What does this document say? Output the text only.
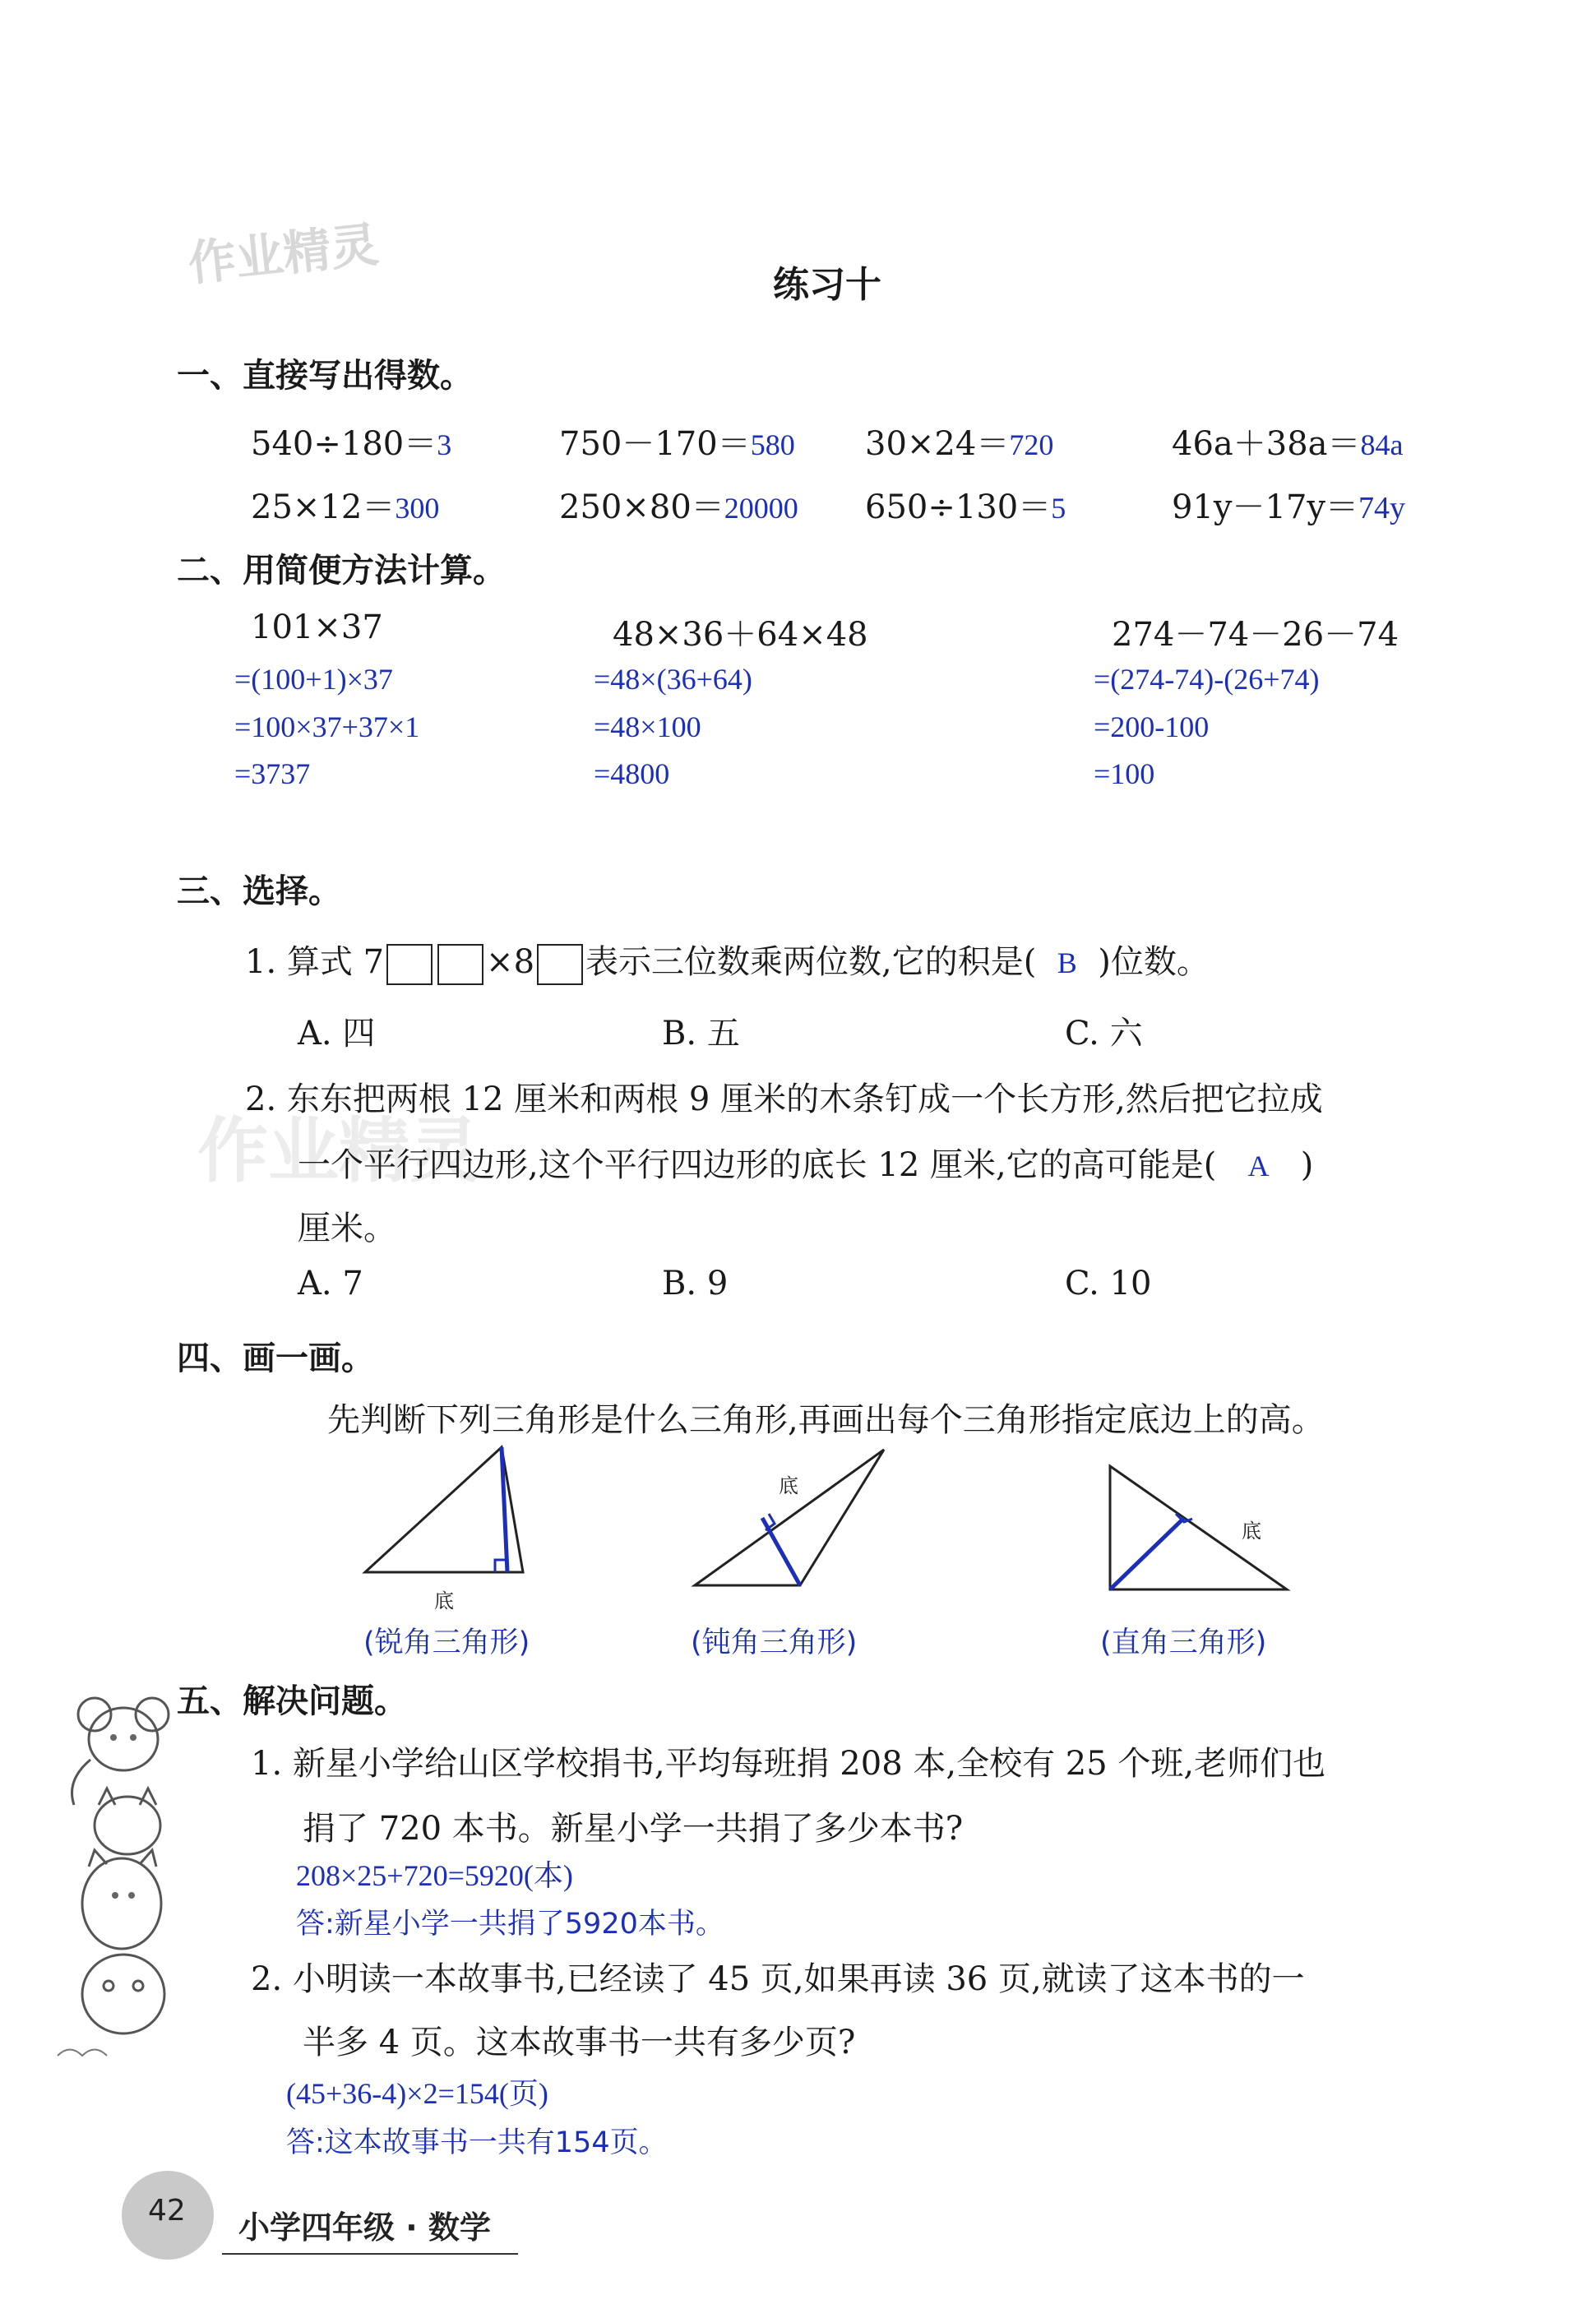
作业精灵
作业精灵
练习十
一、直接写出得数。
540÷180＝3	750－170＝580 30×24＝720	46a＋38a＝84a
25×12＝300	250×80＝20000 650÷130＝5	91y－17y＝74y
二、用简便方法计算。
101×37
=(100+1)×37
=100×37+37×1
=3737
48×36＋64×48
=48×(36+64)
=48×100
=4800
274－74－26－74
=(274-74)-(26+74)
=200-100
=100
三、选择。
1. 算式 7	×8 表示三位数乘两位数,它的积是( B )位数。
A. 四	B. 五	C. 六
2. 东东把两根 12 厘米和两根 9 厘米的木条钉成一个长方形,然后把它拉成
一个平行四边形,这个平行四边形的底长 12 厘米,它的高可能是( A )
厘米。
A. 7	B. 9	C. 10
四、画一画。
先判断下列三角形是什么三角形,再画出每个三角形指定底边上的高。
底
底
底
(锐角三角形)	(钝角三角形)	(直角三角形)
五、解决问题。
1. 新星小学给山区学校捐书,平均每班捐 208 本,全校有 25 个班,老师们也
捐了 720 本书。新星小学一共捐了多少本书?
208×25+720=5920(本)
答:新星小学一共捐了5920本书。
2. 小明读一本故事书,已经读了 45 页,如果再读 36 页,就读了这本书的一
半多 4 页。这本故事书一共有多少页?
(45+36-4)×2=154(页)
答:这本故事书一共有154页。
42 小学四年级 · 数学
